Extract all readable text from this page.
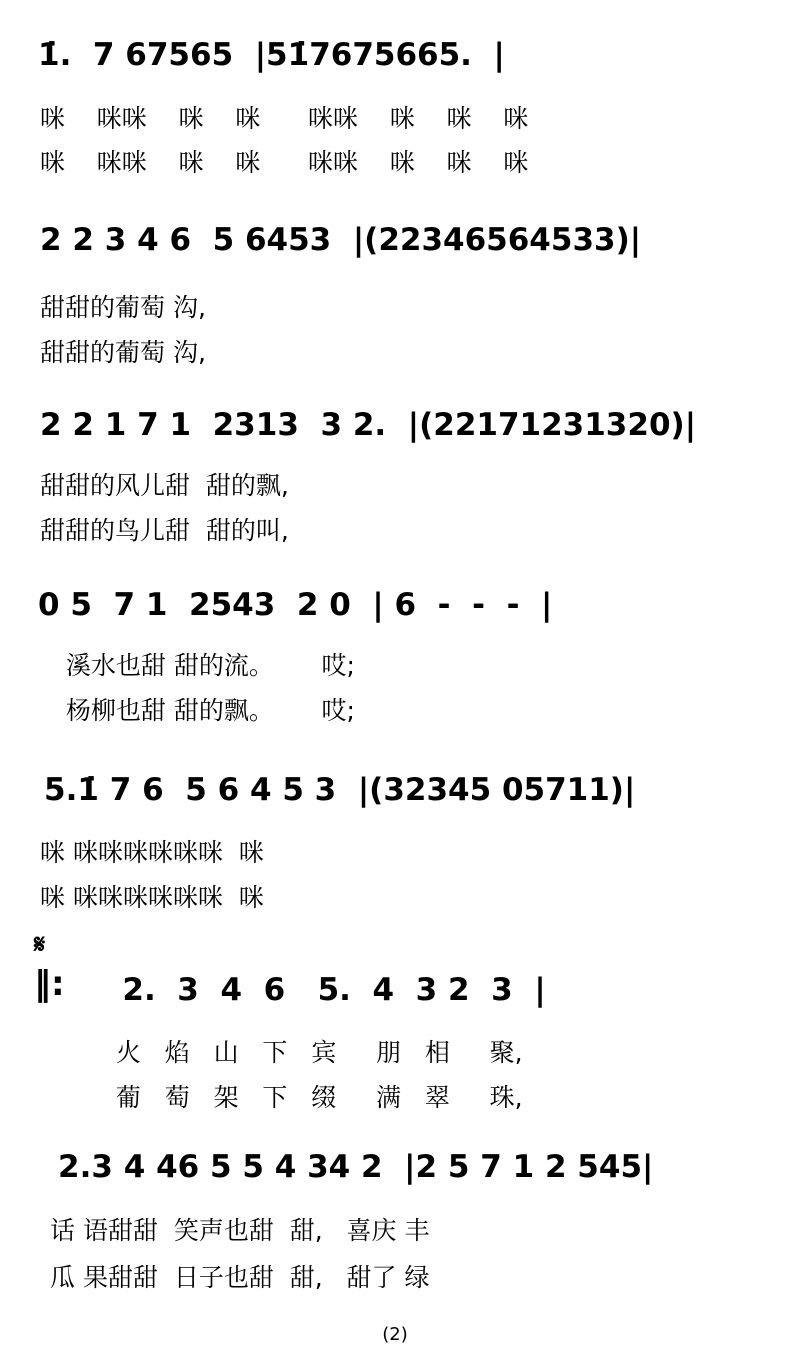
1̇.  7 67565  |51̇7675665.  |
咪    咪咪    咪    咪      咪咪    咪    咪    咪
咪    咪咪    咪    咪      咪咪    咪    咪    咪
2 2 3 4 6  5 6453  |(22346564533)|
甜甜的葡萄 沟,
甜甜的葡萄 沟,
2 2 1 7 1  2313  3 2.  |(22171231320)|
甜甜的风儿甜  甜的飘,
甜甜的鸟儿甜  甜的叫,
0 5  7 1  2543  2 0  | 6  -  -  -  |
溪水也甜 甜的流。      哎;
杨柳也甜 甜的飘。      哎;
5.1̇ 7 6  5 6 4 5 3  |(32345 05711)|
咪 咪咪咪咪咪咪  咪
咪 咪咪咪咪咪咪  咪
𝄋
‖: 2.  3  4  6   5.  4  3 2  3  |
火   焰   山   下   宾     朋   相     聚,
葡   萄   架   下   缀     满   翠     珠,
2.3 4 46 5 5 4 34 2  |2 5 7 1 2 545|
话 语甜甜  笑声也甜  甜,   喜庆 丰
瓜 果甜甜  日子也甜  甜,   甜了 绿
(2)
